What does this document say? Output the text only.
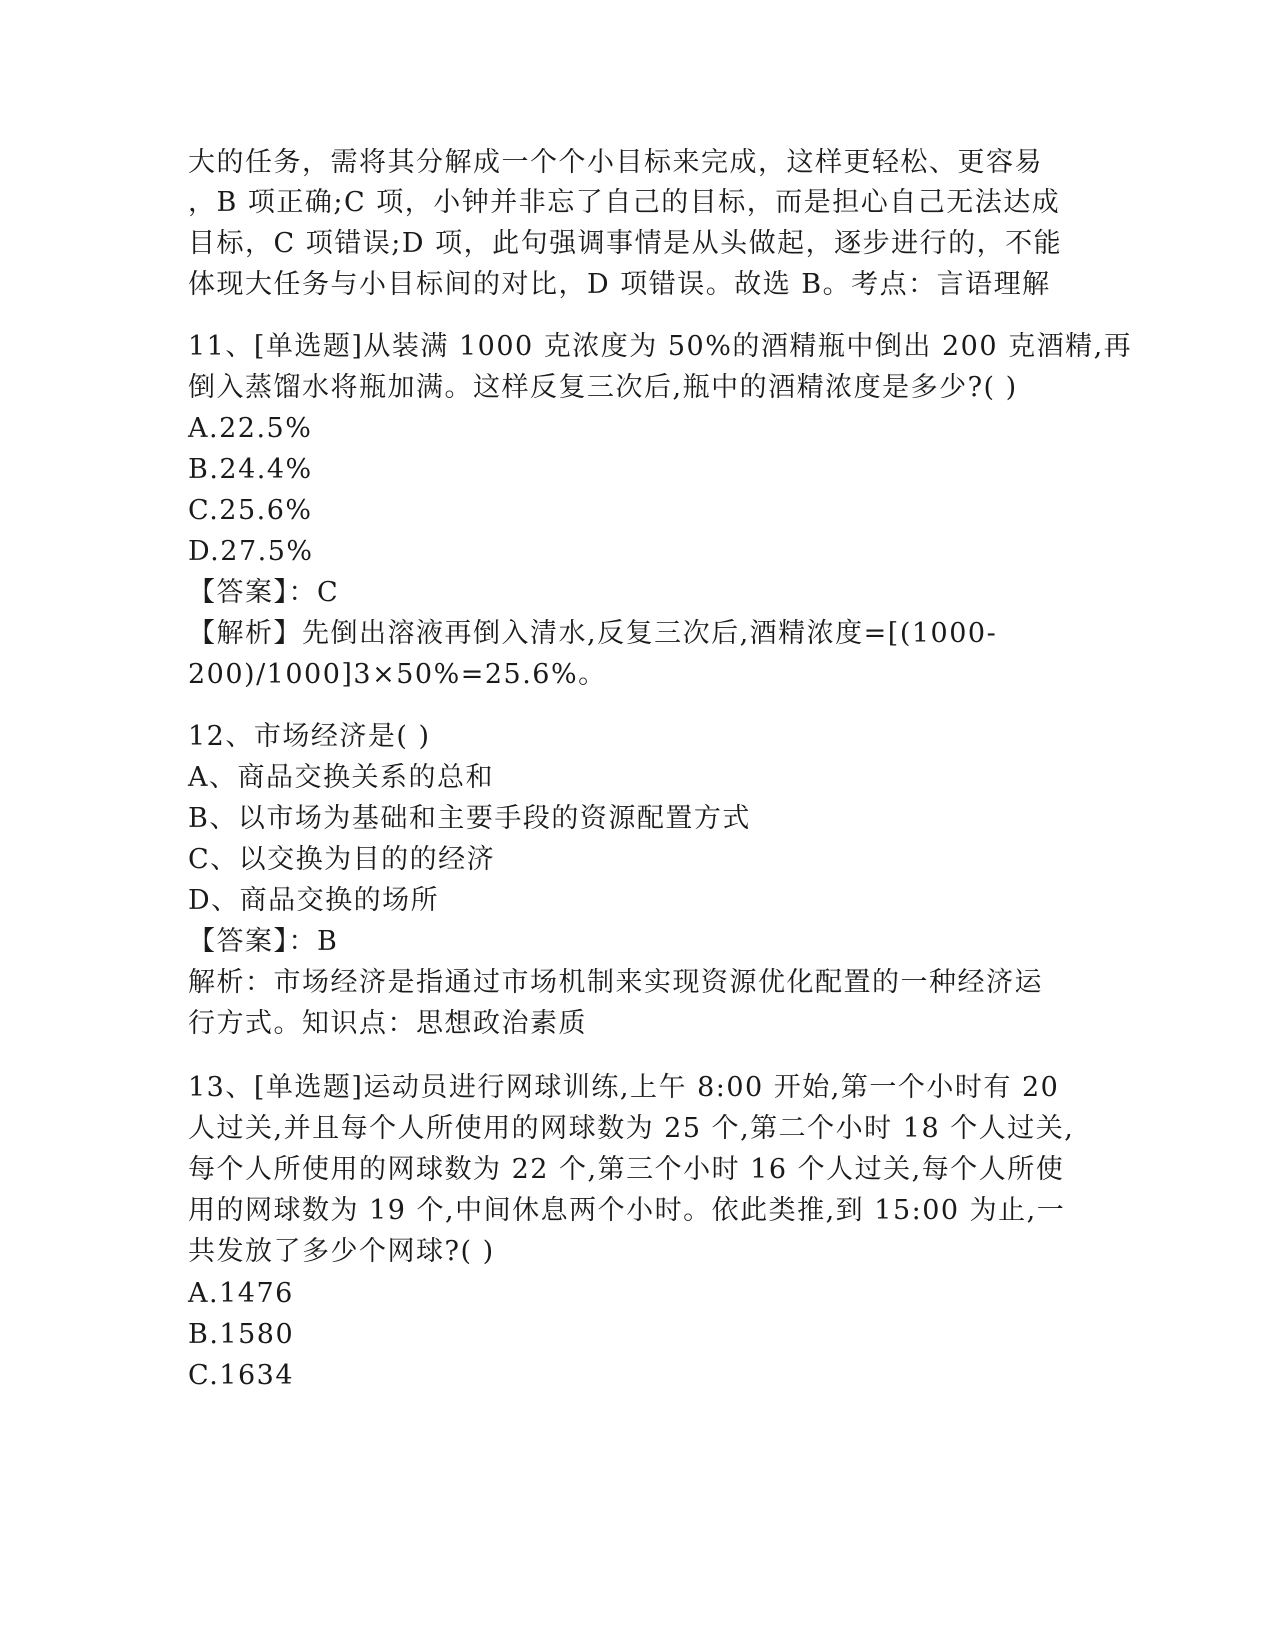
大的任务，需将其分解成一个个小目标来完成，这样更轻松、更容易
，B 项正确;C 项，小钟并非忘了自己的目标，而是担心自己无法达成
目标，C 项错误;D 项，此句强调事情是从头做起，逐步进行的，不能
体现大任务与小目标间的对比，D 项错误。故选 B。考点：言语理解
11、[单选题]从装满 1000 克浓度为 50%的酒精瓶中倒出 200 克酒精,再
倒入蒸馏水将瓶加满。这样反复三次后,瓶中的酒精浓度是多少?( )
A.22.5%
B.24.4%
C.25.6%
D.27.5%
【答案】：C
【解析】先倒出溶液再倒入清水,反复三次后,酒精浓度=[(1000-
200)/1000]3×50%=25.6%。
12、市场经济是( )
A、商品交换关系的总和
B、以市场为基础和主要手段的资源配置方式
C、以交换为目的的经济
D、商品交换的场所
【答案】：B
解析：市场经济是指通过市场机制来实现资源优化配置的一种经济运
行方式。知识点：思想政治素质
13、[单选题]运动员进行网球训练,上午 8:00 开始,第一个小时有 20
人过关,并且每个人所使用的网球数为 25 个,第二个小时 18 个人过关,
每个人所使用的网球数为 22 个,第三个小时 16 个人过关,每个人所使
用的网球数为 19 个,中间休息两个小时。依此类推,到 15:00 为止,一
共发放了多少个网球?( )
A.1476
B.1580
C.1634
